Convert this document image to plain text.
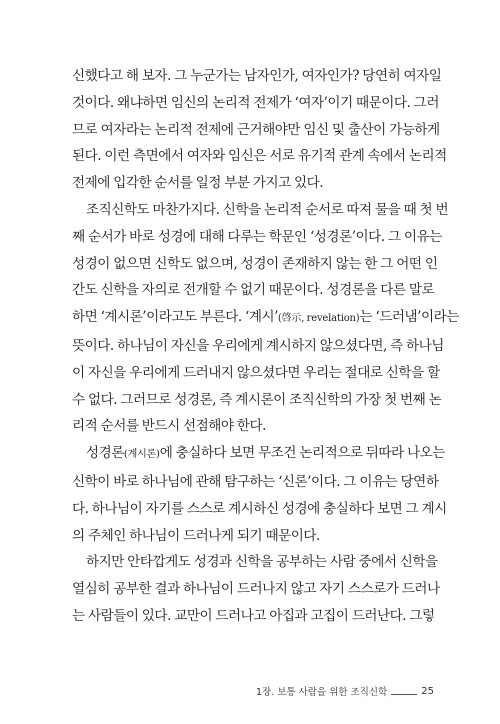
신했다고 해 보자. 그 누군가는 남자인가, 여자인가? 당연히 여자일
것이다. 왜냐하면 임신의 논리적 전제가 ‘여자’이기 때문이다. 그러
므로 여자라는 논리적 전제에 근거해야만 임신 및 출산이 가능하게
된다. 이런 측면에서 여자와 임신은 서로 유기적 관계 속에서 논리적
전제에 입각한 순서를 일정 부분 가지고 있다.

조직신학도 마찬가지다. 신학을 논리적 순서로 따져 물을 때 첫 번
째 순서가 바로 성경에 대해 다루는 학문인 ‘성경론’이다. 그 이유는
성경이 없으면 신학도 없으며, 성경이 존재하지 않는 한 그 어떤 인
간도 신학을 자의로 전개할 수 없기 때문이다. 성경론을 다른 말로
하면 ‘계시론’이라고도 부른다. ‘계시’(啓示, revelation)는 ‘드러냄’이라는
뜻이다. 하나님이 자신을 우리에게 계시하지 않으셨다면, 즉 하나님
이 자신을 우리에게 드러내지 않으셨다면 우리는 절대로 신학을 할
수 없다. 그러므로 성경론, 즉 계시론이 조직신학의 가장 첫 번째 논
리적 순서를 반드시 선점해야 한다.

성경론(계시론)에 충실하다 보면 무조건 논리적으로 뒤따라 나오는
신학이 바로 하나님에 관해 탐구하는 ‘신론’이다. 그 이유는 당연하
다. 하나님이 자기를 스스로 계시하신 성경에 충실하다 보면 그 계시
의 주체인 하나님이 드러나게 되기 때문이다.

하지만 안타깝게도 성경과 신학을 공부하는 사람 중에서 신학을
열심히 공부한 결과 하나님이 드러나지 않고 자기 스스로가 드러나
는 사람들이 있다. 교만이 드러나고 아집과 고집이 드러난다. 그렇

1장. 보통 사람을 위한 조직신학	25
